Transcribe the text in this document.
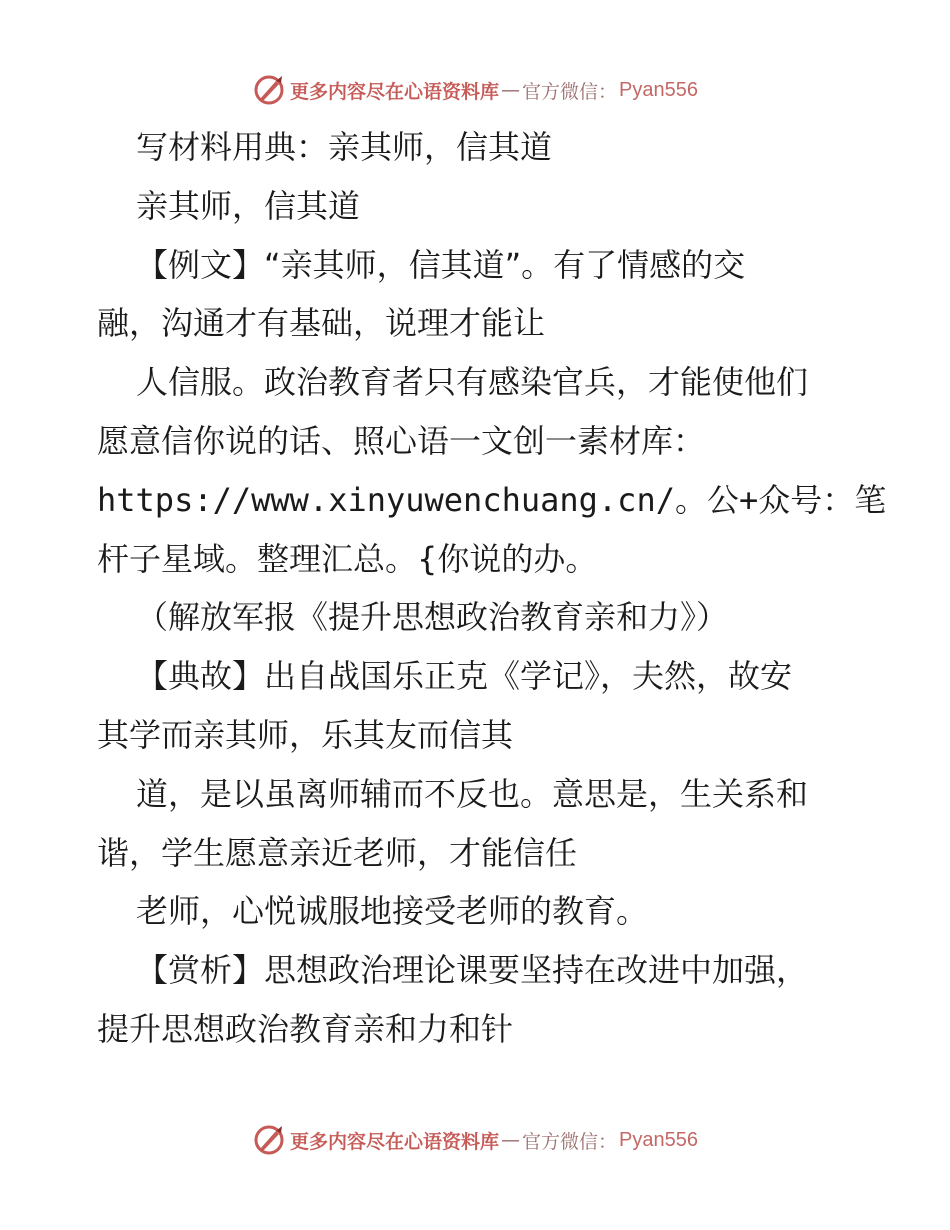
更多内容尽在心语资料库 — 官方微信： Pyan556
写材料用典：亲其师，信其道
亲其师，信其道
【例文】“亲其师，信其道”。有了情感的交
融，沟通才有基础，说理才能让
人信服。政治教育者只有感染官兵，才能使他们
愿意信你说的话、照心语一文创一素材库：
https://www.xinyuwenchuang.cn/。公+众号：笔
杆子星域。整理汇总。{你说的办。
（解放军报《提升思想政治教育亲和力》）
【典故】出自战国乐正克《学记》，夫然，故安
其学而亲其师，乐其友而信其
道，是以虽离师辅而不反也。意思是，生关系和
谐，学生愿意亲近老师，才能信任
老师，心悦诚服地接受老师的教育。
【赏析】思想政治理论课要坚持在改进中加强，
提升思想政治教育亲和力和针
更多内容尽在心语资料库 — 官方微信： Pyan556
